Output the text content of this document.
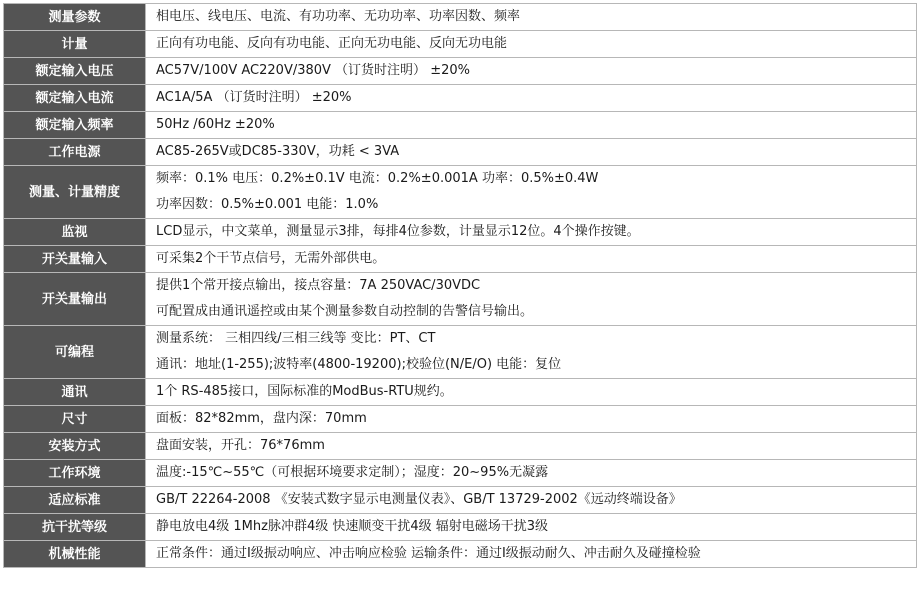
测量参数	相电压、线电压、电流、有功功率、无功功率、功率因数、频率

计量	正向有功电能、反向有功电能、正向无功电能、反向无功电能

额定输入电压	AC57V/100V AC220V/380V （订货时注明） ±20%

额定输入电流	AC1A/5A （订货时注明） ±20%

额定输入频率	50Hz /60Hz ±20%

工作电源	AC85-265V或DC85-330V，功耗 < 3VA

测量、计量精度	频率：0.1% 电压：0.2%±0.1V 电流：0.2%±0.001A 功率：0.5%±0.4W
功率因数：0.5%±0.001 电能：1.0%

监视	LCD显示，中文菜单，测量显示3排，每排4位参数，计量显示12位。4个操作按键。

开关量输入	可采集2个干节点信号，无需外部供电。

开关量输出	提供1个常开接点输出，接点容量：7A 250VAC/30VDC
可配置成由通讯遥控或由某个测量参数自动控制的告警信号输出。

可编程	测量系统： 三相四线/三相三线等 变比：PT、CT
通讯：地址(1-255);波特率(4800-19200);校验位(N/E/O) 电能：复位

通讯	1个 RS-485接口，国际标准的ModBus-RTU规约。

尺寸	面板：82*82mm，盘内深：70mm

安装方式	盘面安装，开孔：76*76mm

工作环境	温度:-15℃~55℃（可根据环境要求定制）；湿度：20~95%无凝露

适应标准	GB/T 22264-2008 《安装式数字显示电测量仪表》、GB/T 13729-2002《远动终端设备》

抗干扰等级	静电放电4级 1Mhz脉冲群4级 快速顺变干扰4级 辐射电磁场干扰3级

机械性能	正常条件：通过I级振动响应、冲击响应检验 运输条件：通过I级振动耐久、冲击耐久及碰撞检验
